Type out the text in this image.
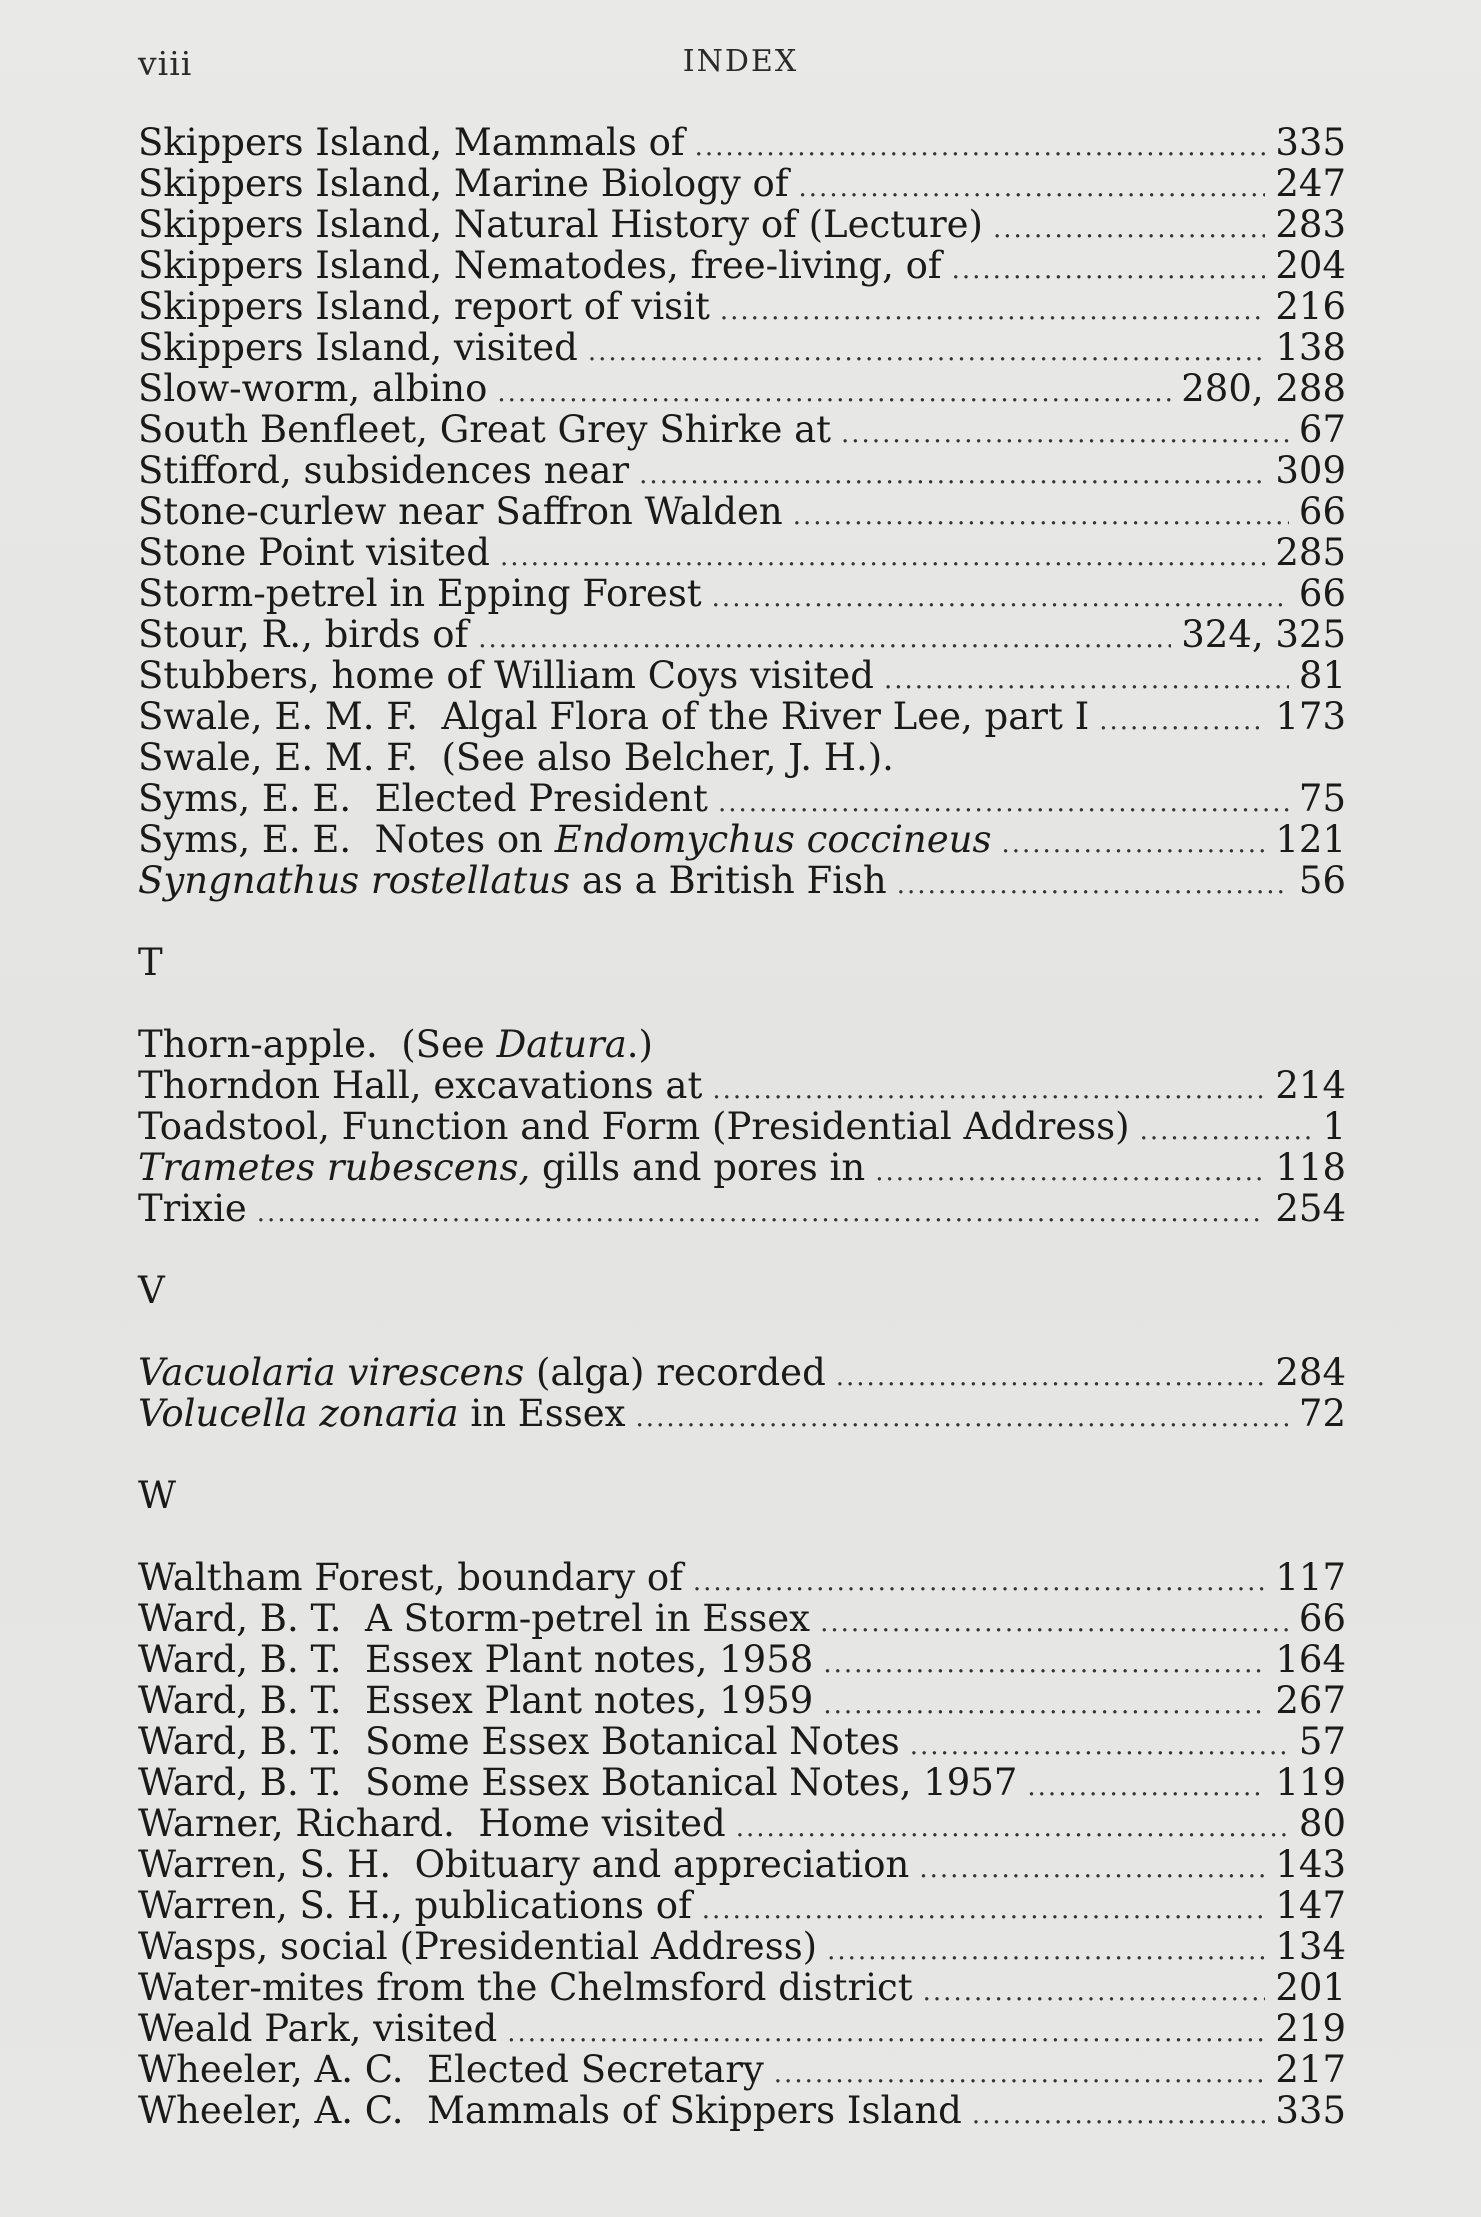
INDEX
viii
Skippers Island, Mammals of .....	335
Skippers Island, Marine Biology of .....	247
Skippers Island, Natural History of (Lecture) .....	283
Skippers Island, Nematodes, free-living, of .....	204
Skippers Island, report of visit .....	216
Skippers Island, visited .....	138
Slow-worm, albino .....	280, 288
South Benfleet, Great Grey Shirke at .....	67
Stifford, subsidences near .....	309
Stone-curlew near Saffron Walden .....	66
Stone Point visited .....	285
Storm-petrel in Epping Forest .....	66
Stour, R., birds of .....	324, 325
Stubbers, home of William Coys visited .....	81
Swale, E. M. F.  Algal Flora of the River Lee, part I .....	173
Swale, E. M. F.  (See also Belcher, J. H.).
Syms, E. E.  Elected President .....	75
Syms, E. E.  Notes on Endomychus coccineus .....	121
Syngnathus rostellatus as a British Fish .....	56
T
Thorn-apple.  (See Datura.)
Thorndon Hall, excavations at .....	214
Toadstool, Function and Form (Presidential Address) .....	1
Trametes rubescens, gills and pores in .....	118
Trixie .....	254
V
Vacuolaria virescens (alga) recorded .....	284
Volucella zonaria in Essex .....	72
W
Waltham Forest, boundary of .....	117
Ward, B. T.  A Storm-petrel in Essex .....	66
Ward, B. T.  Essex Plant notes, 1958 .....	164
Ward, B. T.  Essex Plant notes, 1959 .....	267
Ward, B. T.  Some Essex Botanical Notes .....	57
Ward, B. T.  Some Essex Botanical Notes, 1957 .....	119
Warner, Richard.  Home visited .....	80
Warren, S. H.  Obituary and appreciation .....	143
Warren, S. H., publications of .....	147
Wasps, social (Presidential Address) .....	134
Water-mites from the Chelmsford district .....	201
Weald Park, visited .....	219
Wheeler, A. C.  Elected Secretary .....	217
Wheeler, A. C.  Mammals of Skippers Island .....	335
